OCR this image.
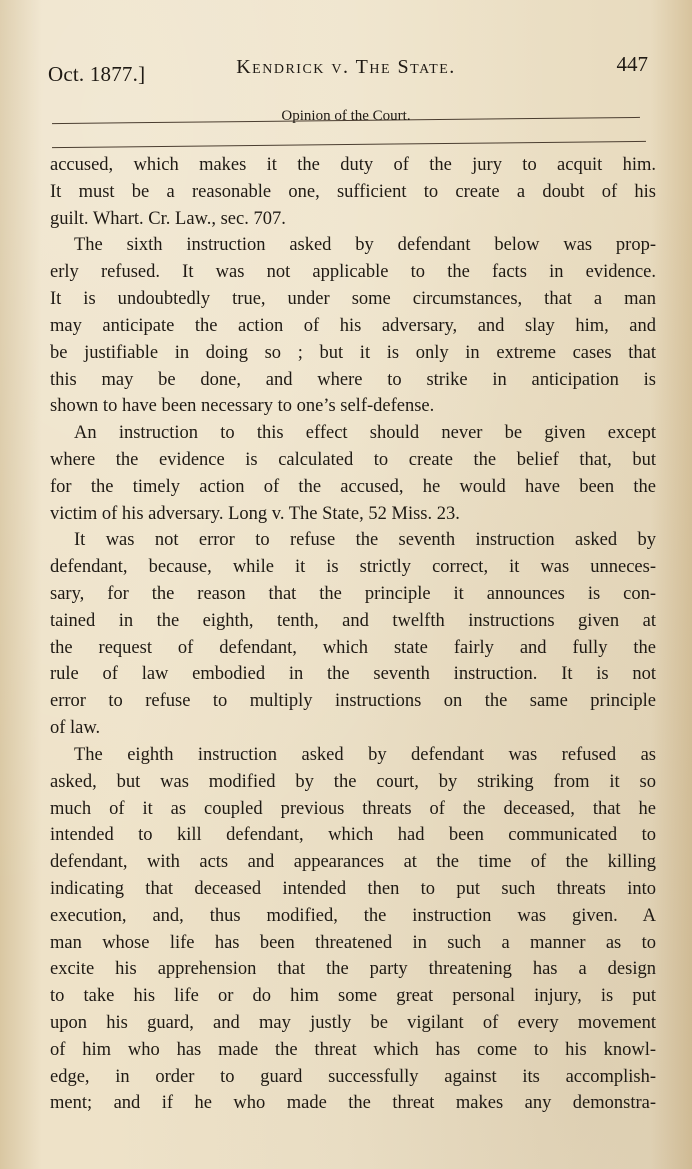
Oct. 1877.]	Kendrick v. The State.	447
Opinion of the Court.

accused, which makes it the duty of the jury to acquit him.

It must be a reasonable one, sufficient to create a doubt of his

guilt. Whart. Cr. Law., sec. 707.

The sixth instruction asked by defendant below was prop-

erly refused. It was not applicable to the facts in evidence.

It is undoubtedly true, under some circumstances, that a man

may anticipate the action of his adversary, and slay him, and

be justifiable in doing so ; but it is only in extreme cases that

this may be done, and where to strike in anticipation is

shown to have been necessary to one’s self-defense.

An instruction to this effect should never be given except

where the evidence is calculated to create the belief that, but

for the timely action of the accused, he would have been the

victim of his adversary. Long v. The State, 52 Miss. 23.

It was not error to refuse the seventh instruction asked by

defendant, because, while it is strictly correct, it was unneces-

sary, for the reason that the principle it announces is con-

tained in the eighth, tenth, and twelfth instructions given at

the request of defendant, which state fairly and fully the

rule of law embodied in the seventh instruction. It is not

error to refuse to multiply instructions on the same principle

of law.

The eighth instruction asked by defendant was refused as

asked, but was modified by the court, by striking from it so

much of it as coupled previous threats of the deceased, that he

intended to kill defendant, which had been communicated to

defendant, with acts and appearances at the time of the killing

indicating that deceased intended then to put such threats into

execution, and, thus modified, the instruction was given. A

man whose life has been threatened in such a manner as to

excite his apprehension that the party threatening has a design

to take his life or do him some great personal injury, is put

upon his guard, and may justly be vigilant of every movement

of him who has made the threat which has come to his knowl-

edge, in order to guard successfully against its accomplish-

ment; and if he who made the threat makes any demonstra-
